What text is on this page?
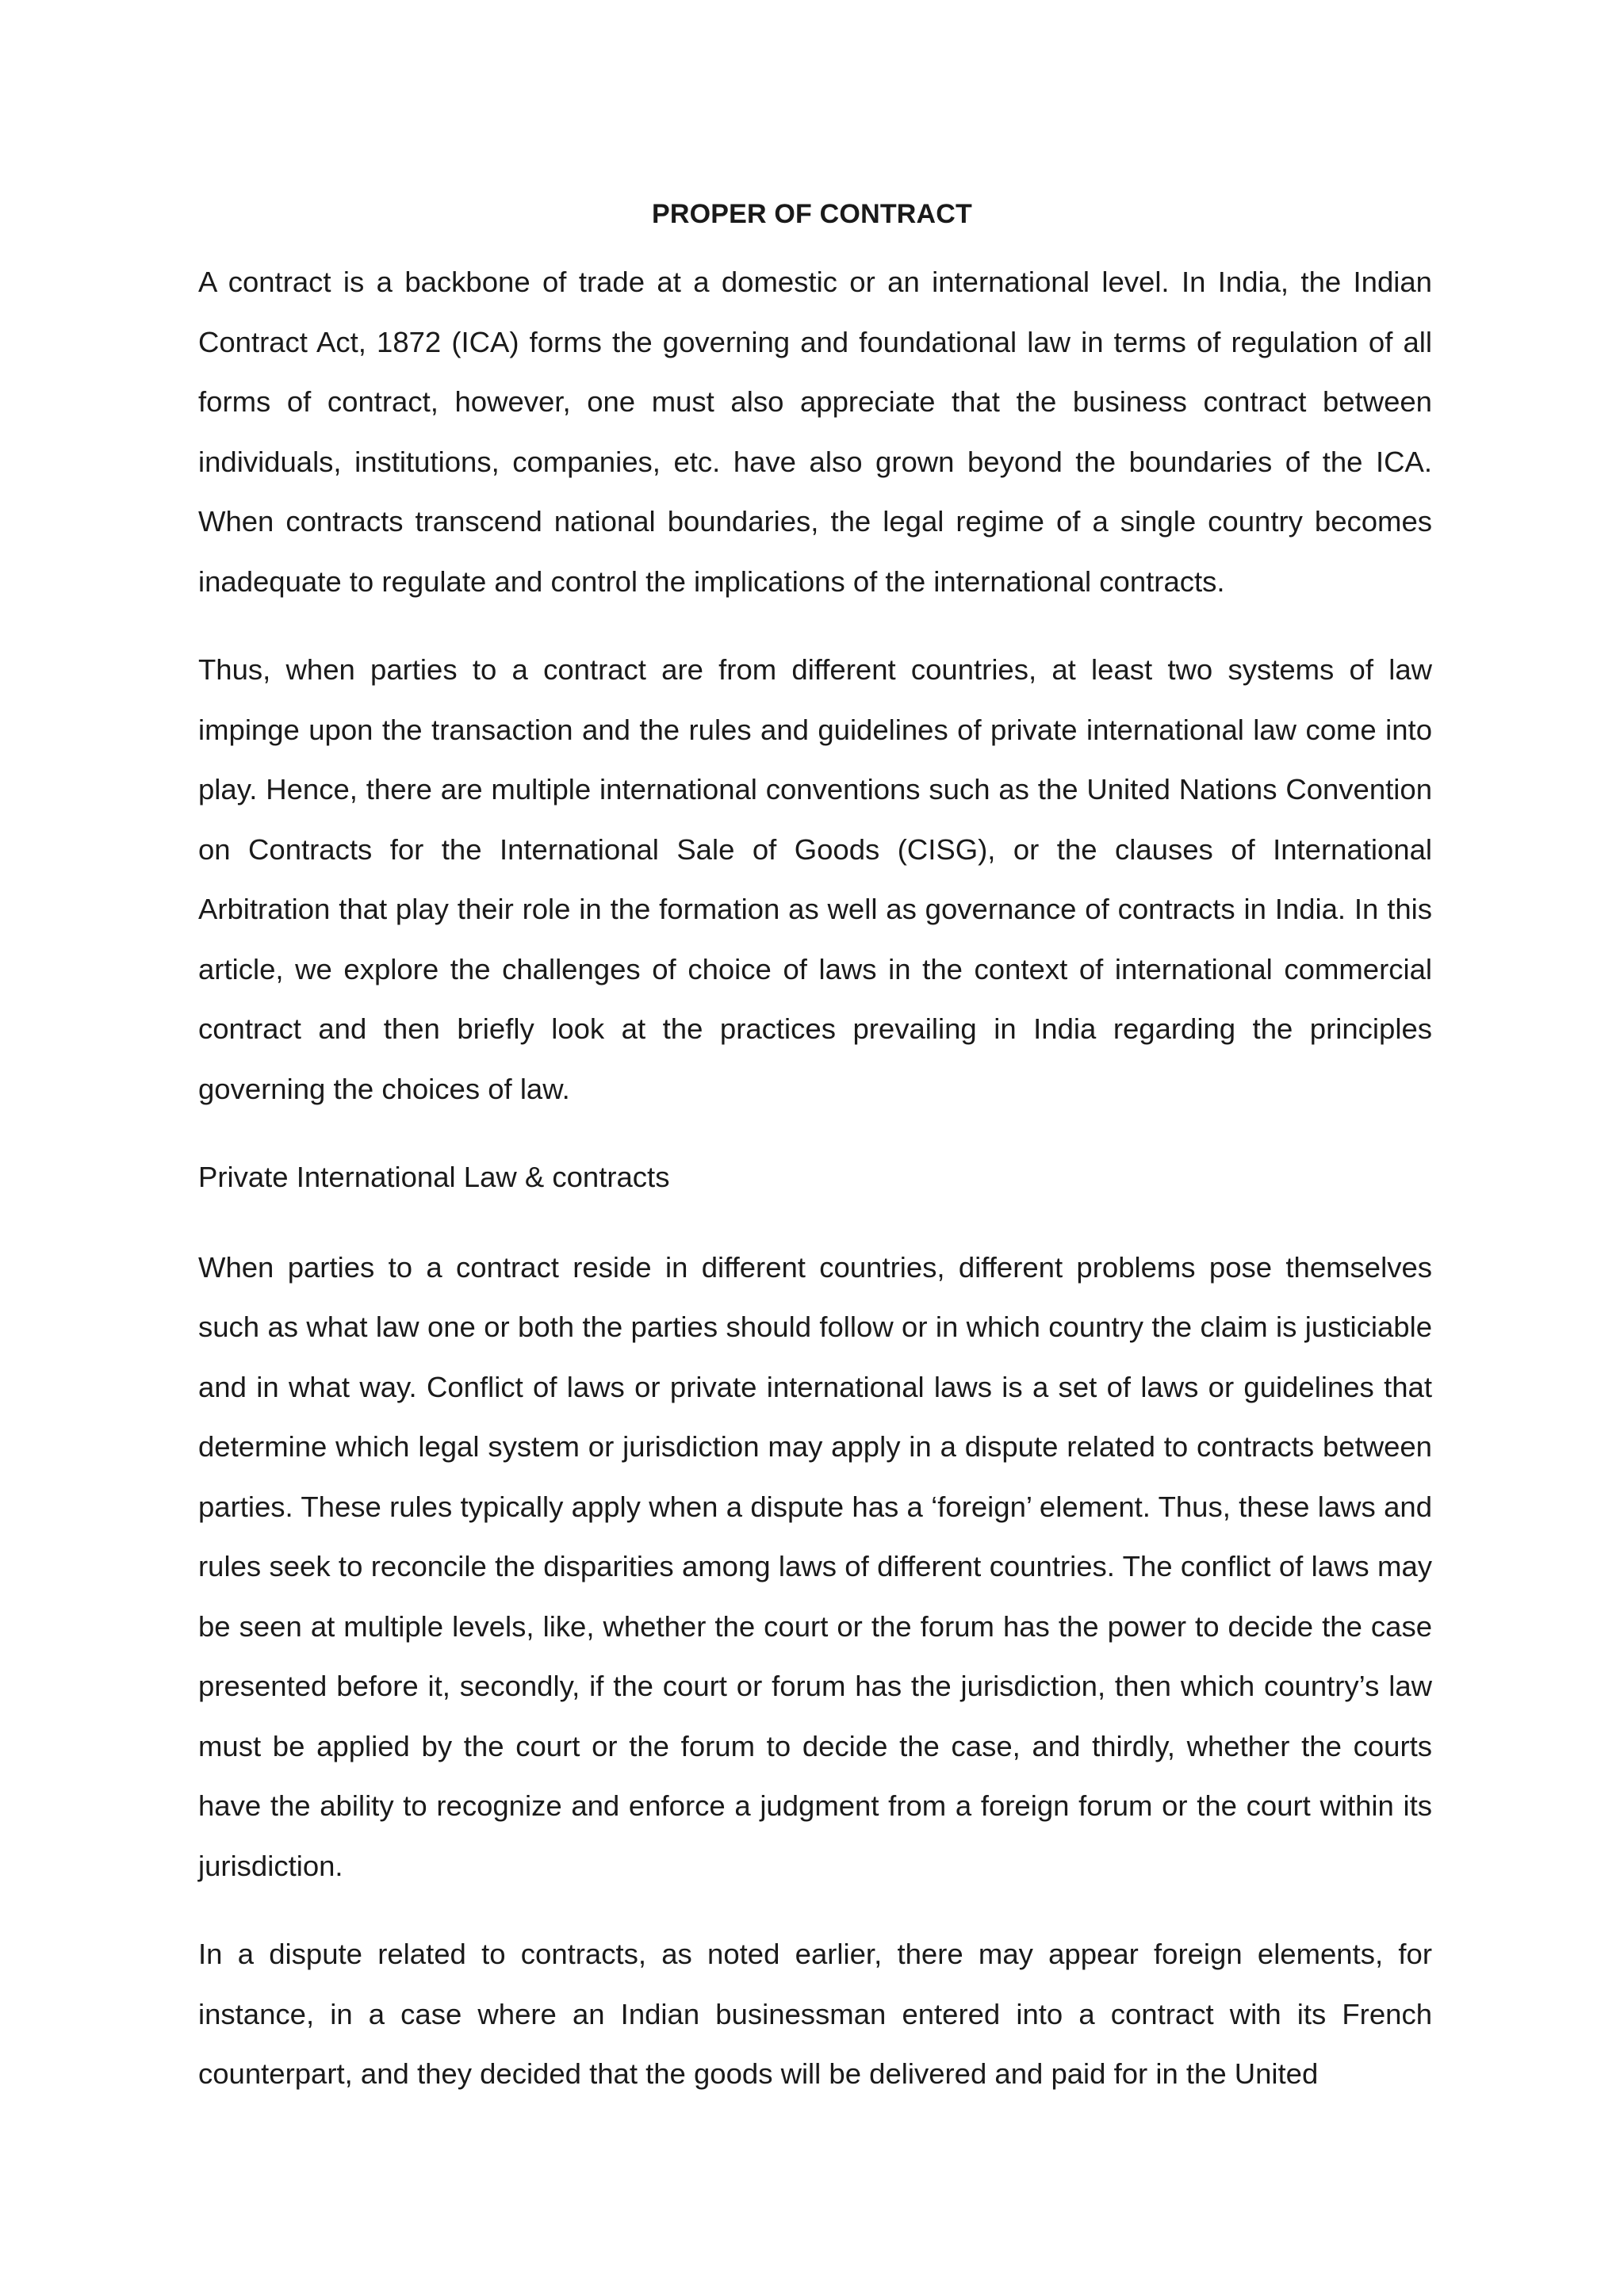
PROPER OF CONTRACT

A contract is a backbone of trade at a domestic or an international level. In India, the Indian Contract Act, 1872 (ICA) forms the governing and foundational law in terms of regulation of all forms of contract, however, one must also appreciate that the business contract between individuals, institutions, companies, etc. have also grown beyond the boundaries of the ICA. When contracts transcend national boundaries, the legal regime of a single country becomes inadequate to regulate and control the implications of the international contracts.

Thus, when parties to a contract are from different countries, at least two systems of law impinge upon the transaction and the rules and guidelines of private international law come into play. Hence, there are multiple international conventions such as the United Nations Convention on Contracts for the International Sale of Goods (CISG), or the clauses of International Arbitration that play their role in the formation as well as governance of contracts in India. In this article, we explore the challenges of choice of laws in the context of international commercial contract and then briefly look at the practices prevailing in India regarding the principles governing the choices of law.

Private International Law & contracts

When parties to a contract reside in different countries, different problems pose themselves such as what law one or both the parties should follow or in which country the claim is justiciable and in what way. Conflict of laws or private international laws is a set of laws or guidelines that determine which legal system or jurisdiction may apply in a dispute related to contracts between parties. These rules typically apply when a dispute has a ‘foreign’ element. Thus, these laws and rules seek to reconcile the disparities among laws of different countries. The conflict of laws may be seen at multiple levels, like, whether the court or the forum has the power to decide the case presented before it, secondly, if the court or forum has the jurisdiction, then which country’s law must be applied by the court or the forum to decide the case, and thirdly, whether the courts have the ability to recognize and enforce a judgment from a foreign forum or the court within its jurisdiction.

In a dispute related to contracts, as noted earlier, there may appear foreign elements, for instance, in a case where an Indian businessman entered into a contract with its French counterpart, and they decided that the goods will be delivered and paid for in the United
